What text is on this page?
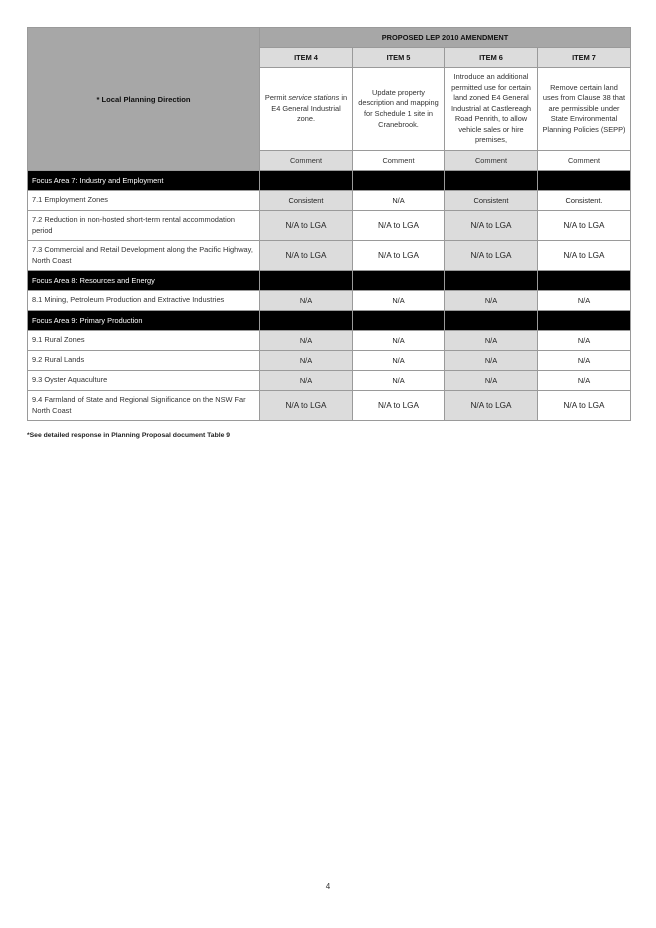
* Local Planning Direction	PROPOSED LEP 2010 AMENDMENT			
	ITEM 4	ITEM 5	ITEM 6	ITEM 7
	Permit service stations in E4 General Industrial zone.	Update property description and mapping for Schedule 1 site in Cranebrook.	Introduce an additional permitted use for certain land zoned E4 General Industrial at Castlereagh Road Penrith, to allow vehicle sales or hire premises,	Remove certain land uses from Clause 38 that are permissible under State Environmental Planning Policies (SEPP)
	Comment	Comment	Comment	Comment
Focus Area 7: Industry and Employment				
7.1 Employment Zones	Consistent	N/A	Consistent	Consistent.
7.2 Reduction in non-hosted short-term rental accommodation period	N/A to LGA	N/A to LGA	N/A to LGA	N/A to LGA
7.3 Commercial and Retail Development along the Pacific Highway, North Coast	N/A to LGA	N/A to LGA	N/A to LGA	N/A to LGA
Focus Area 8: Resources and Energy				
8.1 Mining, Petroleum Production and Extractive Industries	N/A	N/A	N/A	N/A
Focus Area 9: Primary Production				
9.1 Rural Zones	N/A	N/A	N/A	N/A
9.2 Rural Lands	N/A	N/A	N/A	N/A
9.3 Oyster Aquaculture	N/A	N/A	N/A	N/A
9.4 Farmland of State and Regional Significance on the NSW Far North Coast	N/A to LGA	N/A to LGA	N/A to LGA	N/A to LGA
*See detailed response in Planning Proposal document Table 9
4
